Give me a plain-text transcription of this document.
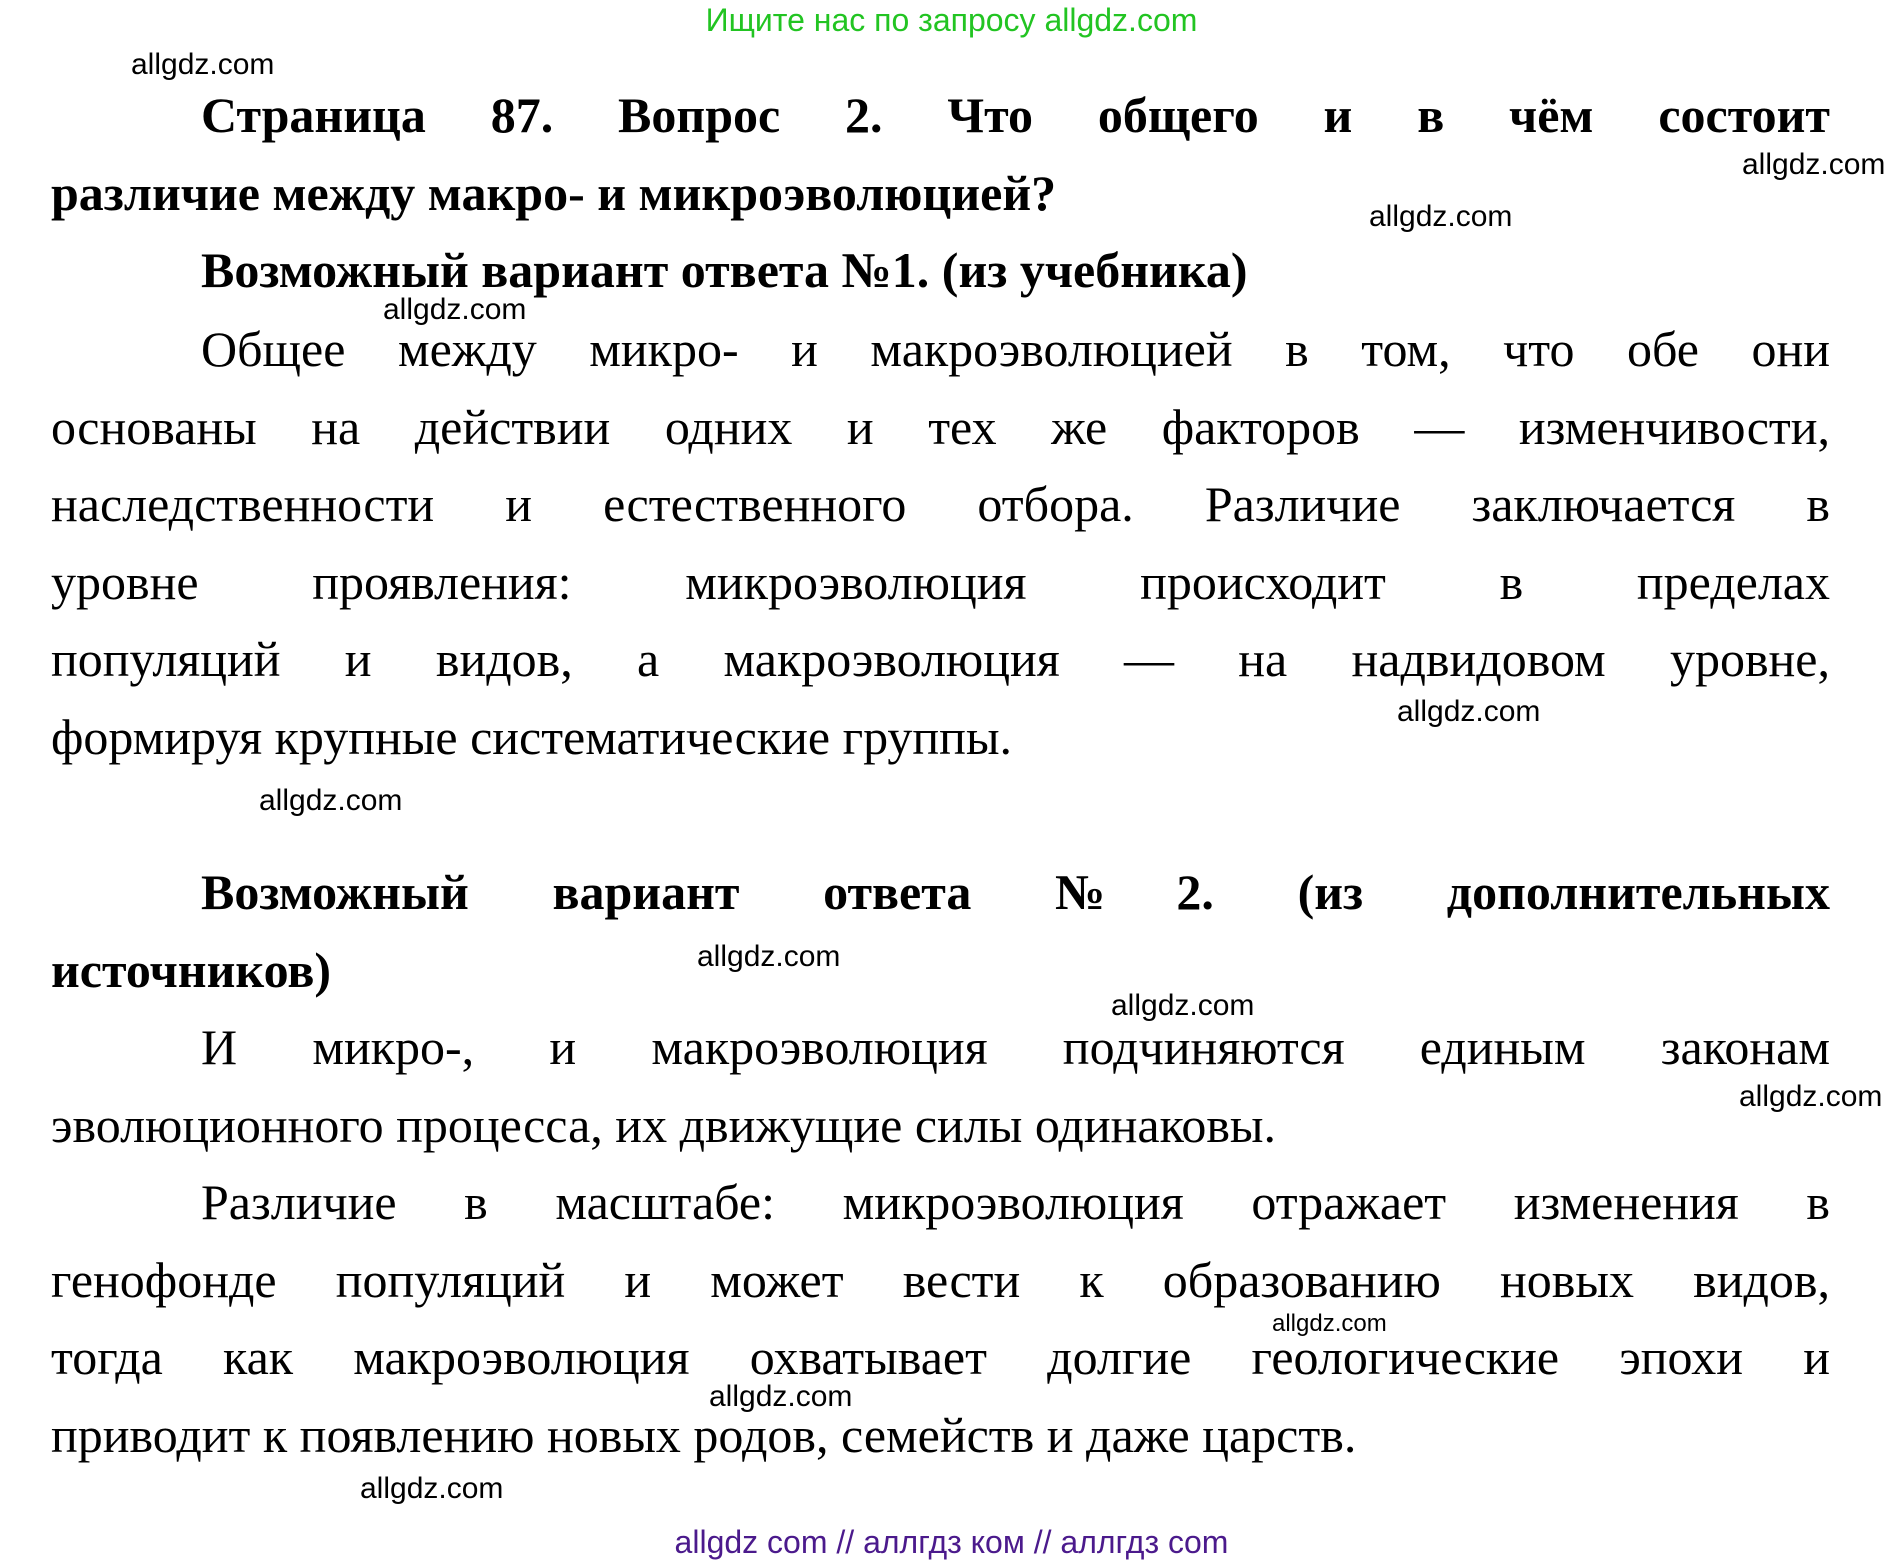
Ищите нас по запросу allgdz.com
Страница 87. Вопрос 2. Что общего и в чём состоит
различие между макро- и микроэволюцией?
Возможный вариант ответа №1. (из учебника)
Общее между микро- и макроэволюцией в том, что обе они
основаны на действии одних и тех же факторов — изменчивости,
наследственности и естественного отбора. Различие заключается в
уровне проявления: микроэволюция происходит в пределах
популяций и видов, а макроэволюция — на надвидовом уровне,
формируя крупные систематические группы.
Возможный вариант ответа №2. (из дополнительных
источников)
И микро-, и макроэволюция подчиняются единым законам
эволюционного процесса, их движущие силы одинаковы.
Различие в масштабе: микроэволюция отражает изменения в
генофонде популяций и может вести к образованию новых видов,
тогда как макроэволюция охватывает долгие геологические эпохи и
приводит к появлению новых родов, семейств и даже царств.
allgdz.com
allgdz.com
allgdz.com
allgdz.com
allgdz.com
allgdz.com
allgdz.com
allgdz.com
allgdz.com
allgdz.com
allgdz.com
allgdz.com
allgdz com // аллгдз ком // аллгдз com
